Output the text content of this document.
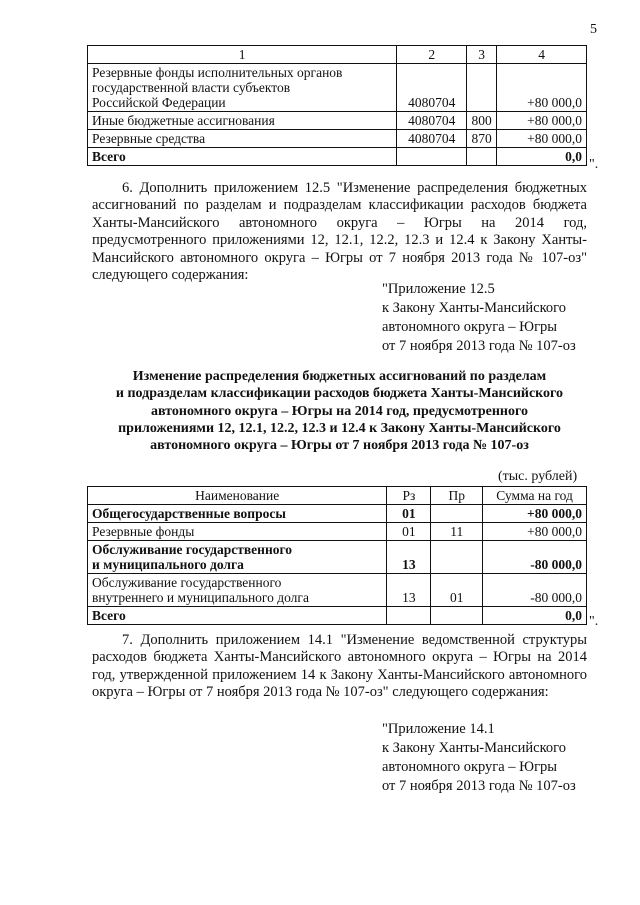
5
1	2	3	4

Резервные фонды исполнительных органов
государственной власти субъектов
Российской Федерации	4080704		+80 000,0
Иные бюджетные ассигнования	4080704	800	+80 000,0
Резервные средства	4080704	870	+80 000,0
Всего			0,0
".

6. Дополнить приложением 12.5 "Изменение распределения бюджетных ассигнований по разделам и подразделам классификации расходов бюджета Ханты-Мансийского автономного округа – Югры на 2014 год, предусмотренного приложениями 12, 12.1, 12.2, 12.3 и 12.4 к Закону Ханты-Мансийского автономного округа – Югры от 7 ноября 2013 года № 107-оз" следующего содержания:

"Приложение 12.5
к Закону Ханты-Мансийского
автономного округа – Югры
от 7 ноября 2013 года № 107-оз
Изменение распределения бюджетных ассигнований по разделам
и подразделам классификации расходов бюджета Ханты-Мансийского
автономного округа – Югры на 2014 год, предусмотренного
приложениями 12, 12.1, 12.2, 12.3 и 12.4 к Закону Ханты-Мансийского
автономного округа – Югры от 7 ноября 2013 года № 107-оз
(тыс. рублей)
Наименование	Рз	Пр	Сумма на год
Общегосударственные вопросы	01		+80 000,0
Резервные фонды	01	11	+80 000,0

Обслуживание государственного
и муниципального долга	13		-80 000,0

Обслуживание государственного
внутреннего и муниципального долга	13	01	-80 000,0
Всего			0,0 ".

7. Дополнить приложением 14.1 "Изменение ведомственной структуры расходов бюджета Ханты-Мансийского автономного округа – Югры на 2014 год, утвержденной приложением 14 к Закону Ханты-Мансийского автономного округа – Югры от 7 ноября 2013 года № 107-оз" следующего содержания:

"Приложение 14.1
к Закону Ханты-Мансийского
автономного округа – Югры
от 7 ноября 2013 года № 107-оз
